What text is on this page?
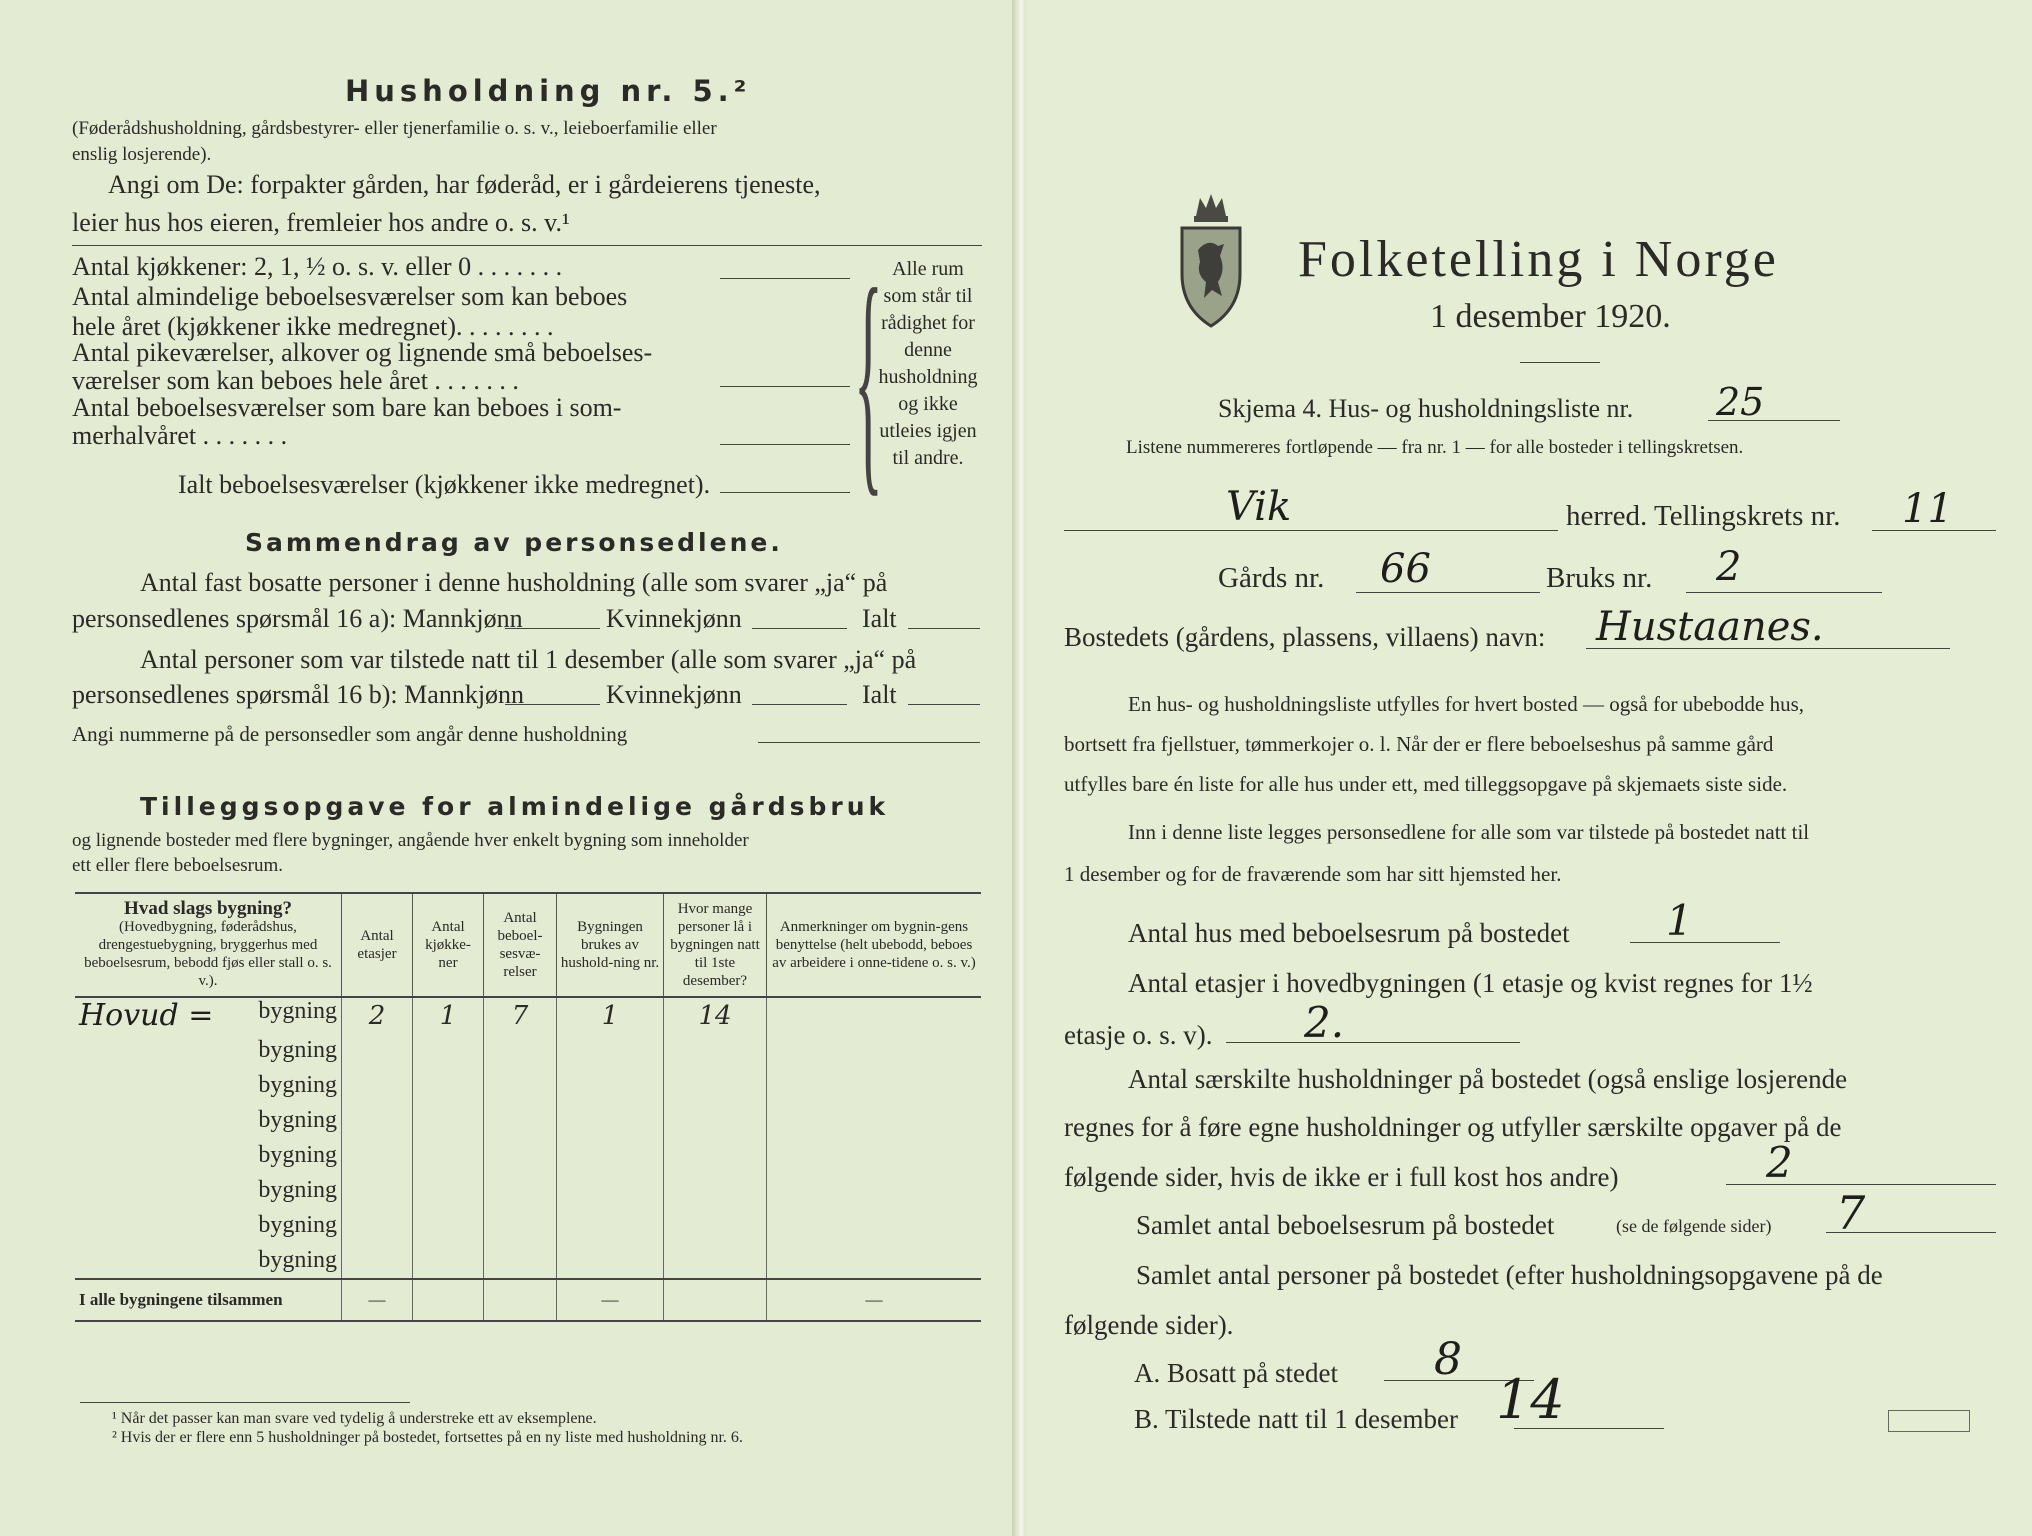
Husholdning nr. 5.²
(Føderådshusholdning, gårdsbestyrer- eller tjenerfamilie o. s. v., leieboerfamilie eller
enslig losjerende).
Angi om De: forpakter gården, har føderåd, er i gårdeierens tjeneste,
leier hus hos eieren, fremleier hos andre o. s. v.¹
Antal kjøkkener: 2, 1, ½ o. s. v. eller 0 . . . . . . .
Antal almindelige beboelsesværelser som kan beboes
hele året (kjøkkener ikke medregnet). . . . . . . .
Antal pikeværelser, alkover og lignende små beboelses-
værelser som kan beboes hele året . . . . . . .
Antal beboelsesværelser som bare kan beboes i som-
merhalvåret . . . . . . .
Ialt beboelsesværelser (kjøkkener ikke medregnet). { Alle rum som står til rådighet for denne husholdning og ikke utleies igjen til andre.
Sammendrag av personsedlene.
Antal fast bosatte personer i denne husholdning (alle som svarer „ja“ på
personsedlenes spørsmål 16 a): Mannkjønn	Kvinnekjønn	Ialt
Antal personer som var tilstede natt til 1 desember (alle som svarer „ja“ på
personsedlenes spørsmål 16 b): Mannkjønn	Kvinnekjønn	Ialt
Angi nummerne på de personsedler som angår denne husholdning
Tilleggsopgave for almindelige gårdsbruk
og lignende bosteder med flere bygninger, angående hver enkelt bygning som inneholder
ett eller flere beboelsesrum.
Hvad slags bygning?
(Hovedbygning, føderådshus, drengestuebygning, bryggerhus med beboelsesrum, bebodd fjøs eller stall o. s. v.).	Antal etasjer	Antal kjøkke-ner	Antal beboel-sesvæ-relser	Bygningen brukes av hushold-ning nr.	Hvor mange personer lå i bygningen natt til 1ste desember?	Anmerkninger om bygnin-gens benyttelse (helt ubebodd, beboes av arbeidere i onne-tidene o. s. v.)

Hovud = bygning	2	1	7	1	14	

bygning						

bygning						

bygning						

bygning						

bygning						

bygning						

bygning						
I alle bygningene tilsammen	—			—		—
¹ Når det passer kan man svare ved tydelig å understreke ett av eksemplene.
² Hvis der er flere enn 5 husholdninger på bostedet, fortsettes på en ny liste med husholdning nr. 6.
Folketelling i Norge
1 desember 1920.
Skjema 4. Hus- og husholdningsliste nr. 25
Listene nummereres fortløpende — fra nr. 1 — for alle bosteder i tellingskretsen.
Vik	herred. Tellingskrets nr. 11
Gårds nr. 66	Bruks nr. 2
Bostedets (gårdens, plassens, villaens) navn: Hustaanes.
En hus- og husholdningsliste utfylles for hvert bosted — også for ubebodde hus,
bortsett fra fjellstuer, tømmerkojer o. l. Når der er flere beboelseshus på samme gård
utfylles bare én liste for alle hus under ett, med tilleggsopgave på skjemaets siste side.
Inn i denne liste legges personsedlene for alle som var tilstede på bostedet natt til
1 desember og for de fraværende som har sitt hjemsted her.
Antal hus med beboelsesrum på bostedet 1
Antal etasjer i hovedbygningen (1 etasje og kvist regnes for 1½
etasje o. s. v). 2.
Antal særskilte husholdninger på bostedet (også enslige losjerende
regnes for å føre egne husholdninger og utfyller særskilte opgaver på de
følgende sider, hvis de ikke er i full kost hos andre)	2
Samlet antal beboelsesrum på bostedet	(se de følgende sider) 7
Samlet antal personer på bostedet (efter husholdningsopgavene på de
følgende sider).
A. Bosatt på stedet 8
B. Tilstede natt til 1 desember 14
